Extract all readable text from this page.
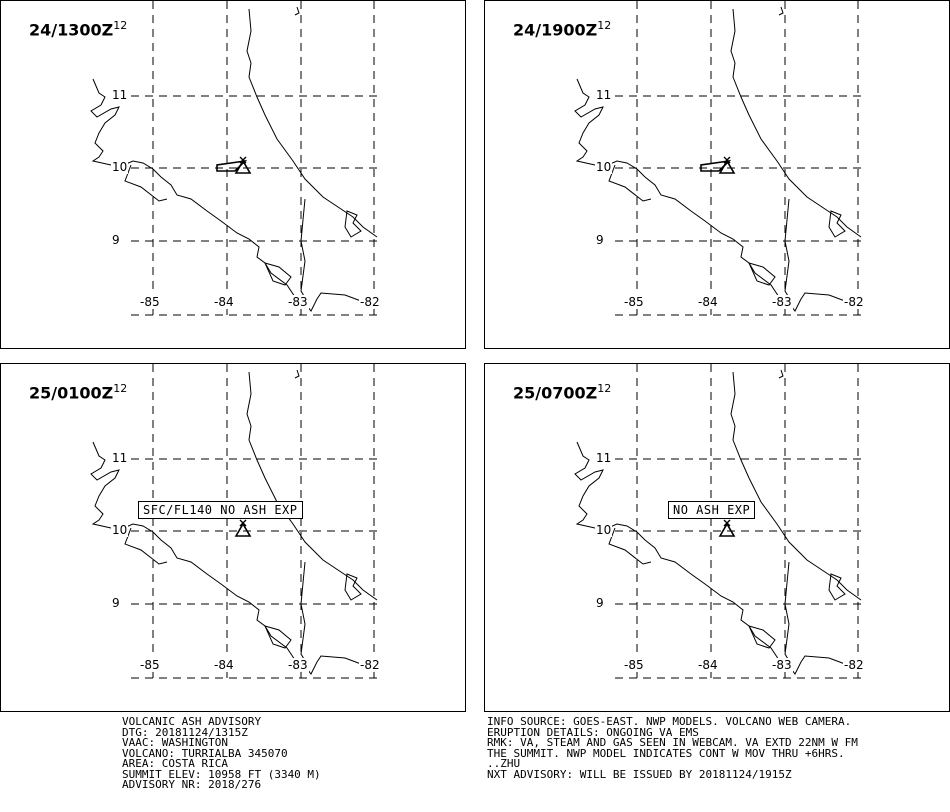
$24/1300Z^{12}$
-85	-84	-83	-82
11
10
9
$24/1900Z^{12}$
-85	-84	-83	-82
11
10
9
$25/0100Z^{12}$
SFC/FL140 NO ASH EXP
-85	-84	-83	-82
11
10
9
$25/0700Z^{12}$
NO ASH EXP
-85	-84	-83	-82
11
10
9
VOLCANIC ASH ADVISORY
DTG: 20181124/1315Z
VAAC: WASHINGTON
VOLCANO: TURRIALBA 345070
AREA: COSTA RICA
SUMMIT ELEV: 10958 FT (3340 M)
ADVISORY NR: 2018/276
INFO SOURCE: GOES-EAST. NWP MODELS. VOLCANO WEB CAMERA.
ERUPTION DETAILS: ONGOING VA EMS
RMK: VA, STEAM AND GAS SEEN IN WEBCAM. VA EXTD 22NM W FM
THE SUMMIT. NWP MODEL INDICATES CONT W MOV THRU +6HRS.
..ZHU
NXT ADVISORY: WILL BE ISSUED BY 20181124/1915Z
